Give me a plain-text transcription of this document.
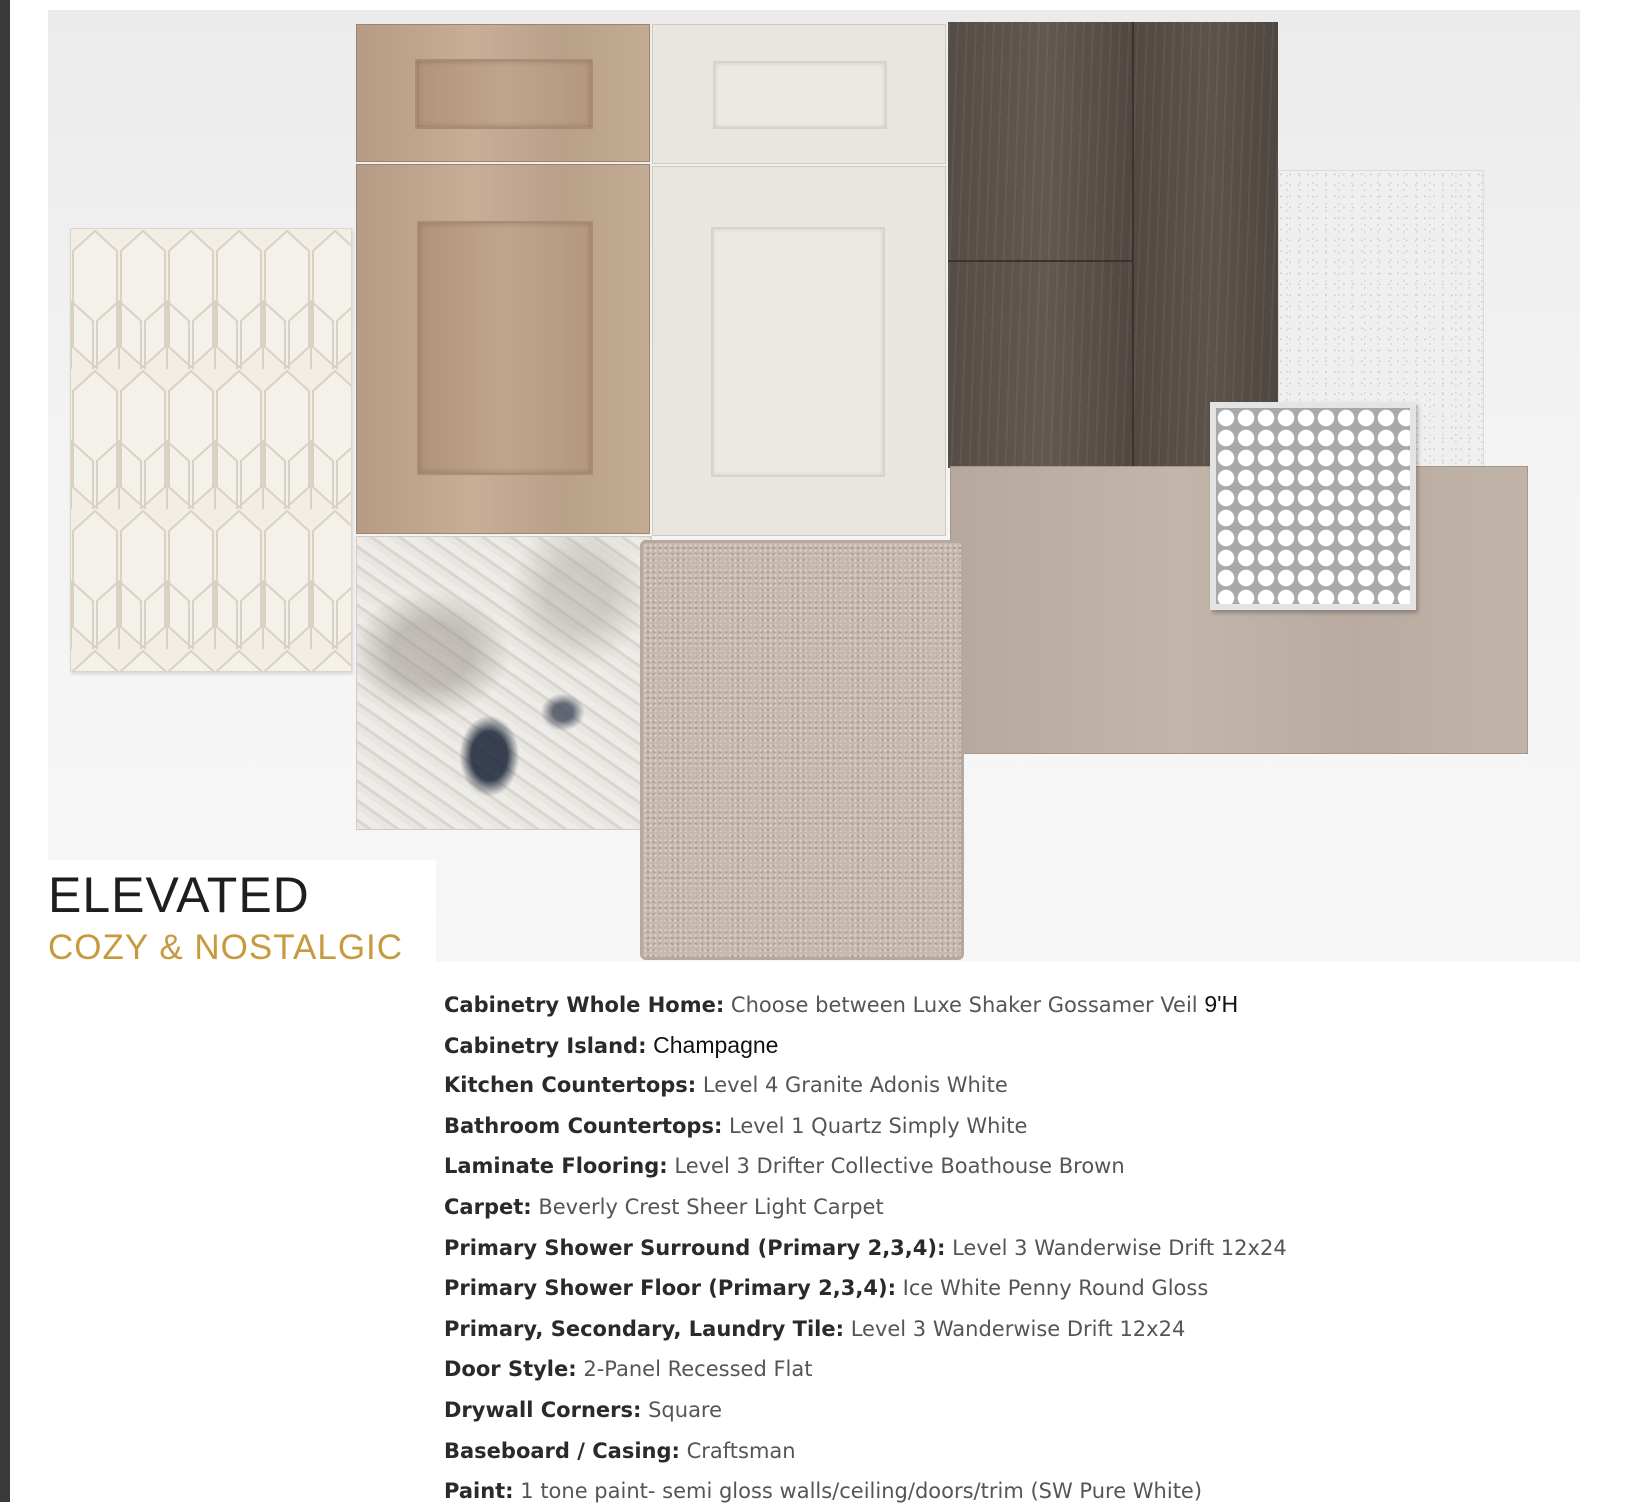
ELEVATED
COZY & NOSTALGIC
Cabinetry Whole Home: Choose between Luxe Shaker Gossamer Veil 9'H
Cabinetry Island: Champagne
Kitchen Countertops: Level 4 Granite Adonis White
Bathroom Countertops: Level 1 Quartz Simply White
Laminate Flooring: Level 3 Drifter Collective Boathouse Brown
Carpet: Beverly Crest Sheer Light Carpet
Primary Shower Surround (Primary 2,3,4): Level 3 Wanderwise Drift 12x24
Primary Shower Floor (Primary 2,3,4): Ice White Penny Round Gloss
Primary, Secondary, Laundry Tile: Level 3 Wanderwise Drift 12x24
Door Style: 2-Panel Recessed Flat
Drywall Corners: Square
Baseboard / Casing: Craftsman
Paint: 1 tone paint- semi gloss walls/ceiling/doors/trim (SW Pure White)
